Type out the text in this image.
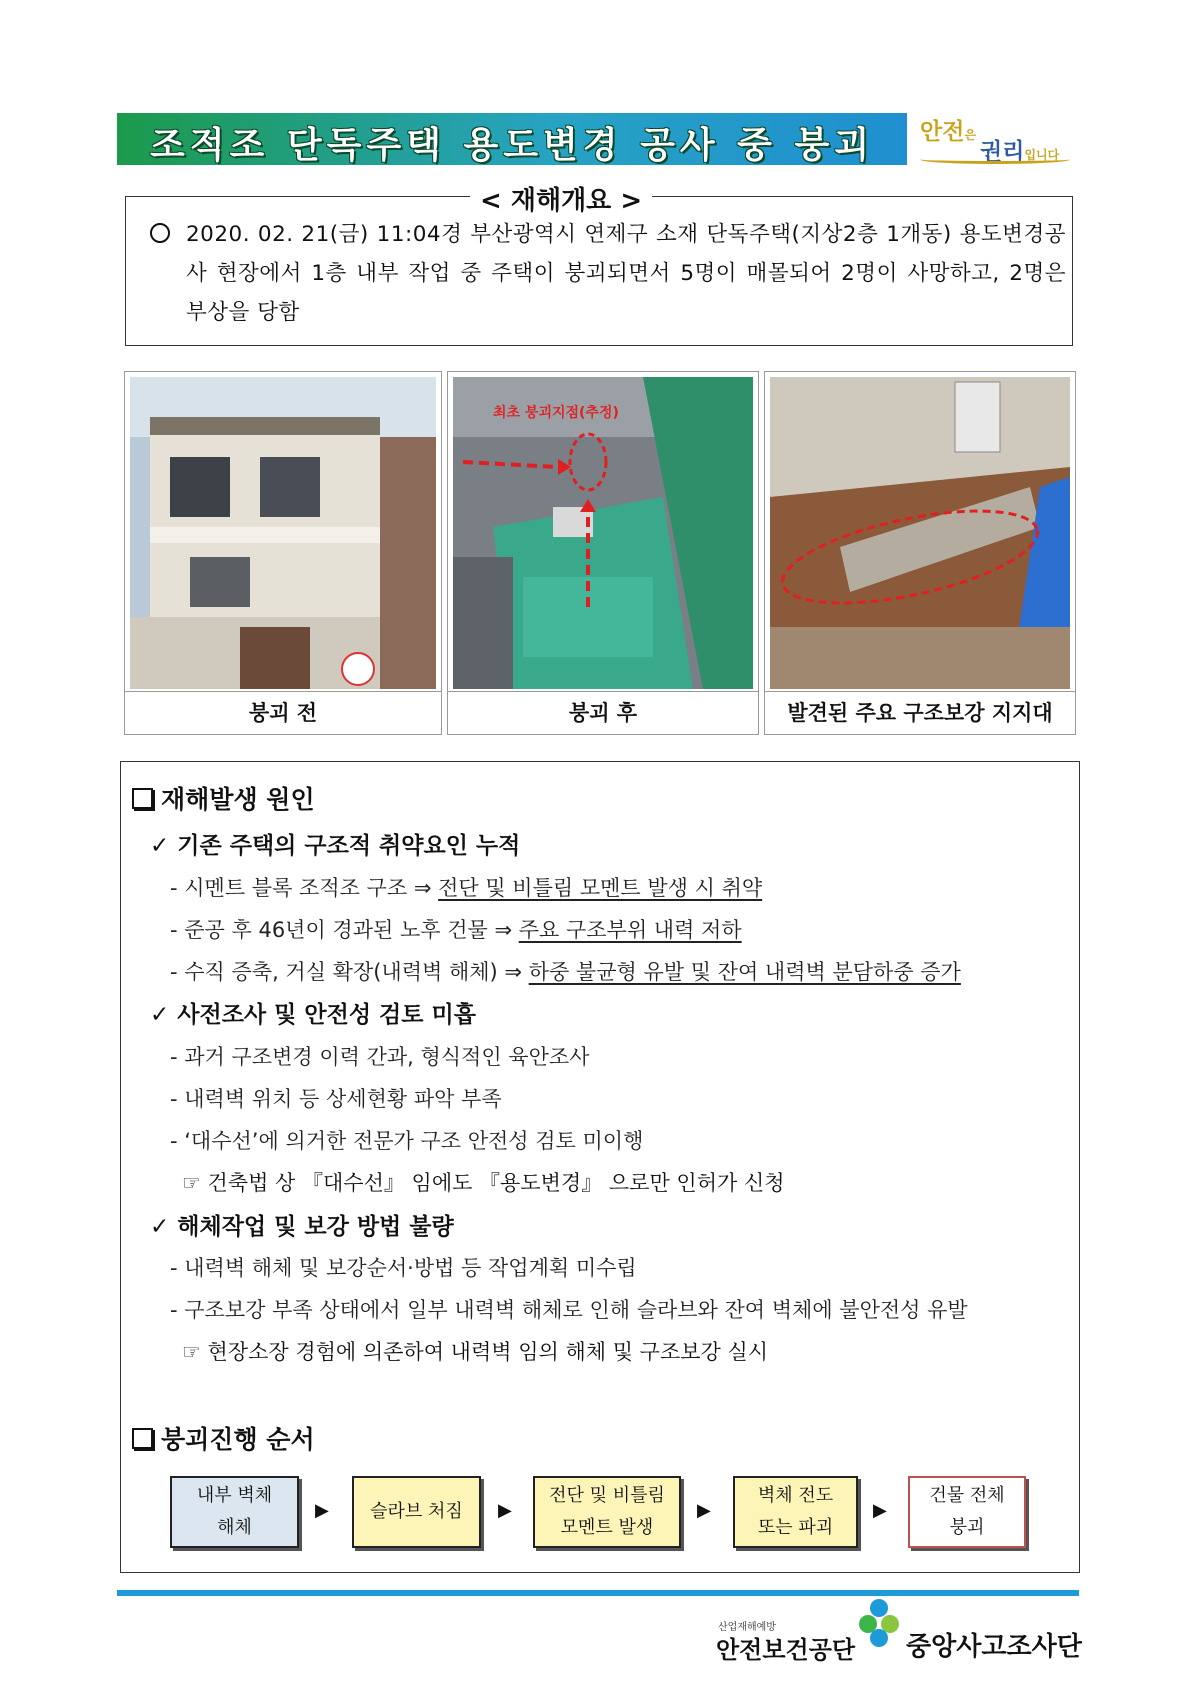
조적조 단독주택 용도변경 공사 중 붕괴	안전은
권리입니다
< 재해개요 >
2020. 02. 21(금) 11:04경 부산광역시 연제구 소재 단독주택(지상2층 1개동) 용도변경공사 현장에서 1층 내부 작업 중 주택이 붕괴되면서 5명이 매몰되어 2명이 사망하고, 2명은 부상을 당함
붕괴 전
최초 붕괴지점(추정)
붕괴 후	발견된 주요 구조보강 지지대
재해발생 원인
✓ 기존 주택의 구조적 취약요인 누적
- 시멘트 블록 조적조 구조 ⇒ 전단 및 비틀림 모멘트 발생 시 취약
- 준공 후 46년이 경과된 노후 건물 ⇒ 주요 구조부위 내력 저하
- 수직 증축, 거실 확장(내력벽 해체) ⇒ 하중 불균형 유발 및 잔여 내력벽 분담하중 증가
✓ 사전조사 및 안전성 검토 미흡
- 과거 구조변경 이력 간과, 형식적인 육안조사
- 내력벽 위치 등 상세현황 파악 부족
- ‘대수선’에 의거한 전문가 구조 안전성 검토 미이행
☞ 건축법 상 『대수선』 임에도 『용도변경』 으로만 인허가 신청
✓ 해체작업 및 보강 방법 불량
- 내력벽 해체 및 보강순서·방법 등 작업계획 미수립
- 구조보강 부족 상태에서 일부 내력벽 해체로 인해 슬라브와 잔여 벽체에 불안전성 유발
☞ 현장소장 경험에 의존하여 내력벽 임의 해체 및 구조보강 실시
붕괴진행 순서
내부 벽체
해체
▶ 슬라브 처짐 ▶
전단 및 비틀림
모멘트 발생
▶
벽체 전도
또는 파괴
▶
건물 전체
붕괴
산업재해예방
안전보건공단 중앙사고조사단
